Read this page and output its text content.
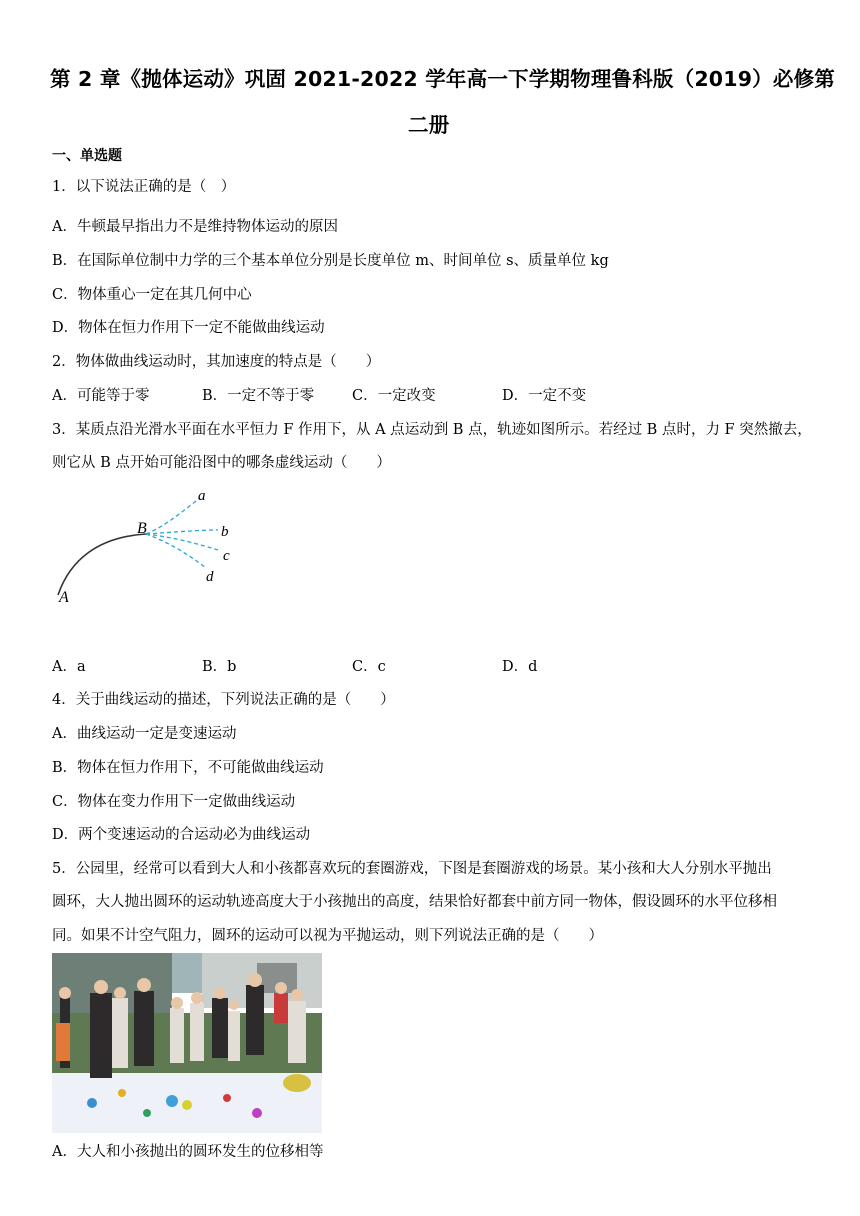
第 2 章《抛体运动》巩固 2021-2022 学年高一下学期物理鲁科版（2019）必修第
二册
一、单选题
1．以下说法正确的是（　）
A．牛顿最早指出力不是维持物体运动的原因
B．在国际单位制中力学的三个基本单位分别是长度单位 m、时间单位 s、质量单位 kg
C．物体重心一定在其几何中心
D．物体在恒力作用下一定不能做曲线运动
2．物体做曲线运动时，其加速度的特点是（　　）
A．可能等于零	B．一定不等于零	C．一定改变	D．一定不变
3．某质点沿光滑水平面在水平恒力 F 作用下，从 A 点运动到 B 点，轨迹如图所示。若经过 B 点时，力 F 突然撤去，
则它从 B 点开始可能沿图中的哪条虚线运动（　　）
a
b
c
d
B
A
A．a	B．b	C．c	D．d
4．关于曲线运动的描述，下列说法正确的是（　　）
A．曲线运动一定是变速运动
B．物体在恒力作用下，不可能做曲线运动
C．物体在变力作用下一定做曲线运动
D．两个变速运动的合运动必为曲线运动
5．公园里，经常可以看到大人和小孩都喜欢玩的套圈游戏，下图是套圈游戏的场景。某小孩和大人分别水平抛出
圆环，大人抛出圆环的运动轨迹高度大于小孩抛出的高度，结果恰好都套中前方同一物体，假设圆环的水平位移相
同。如果不计空气阻力，圆环的运动可以视为平抛运动，则下列说法正确的是（　　）
A．大人和小孩抛出的圆环发生的位移相等
